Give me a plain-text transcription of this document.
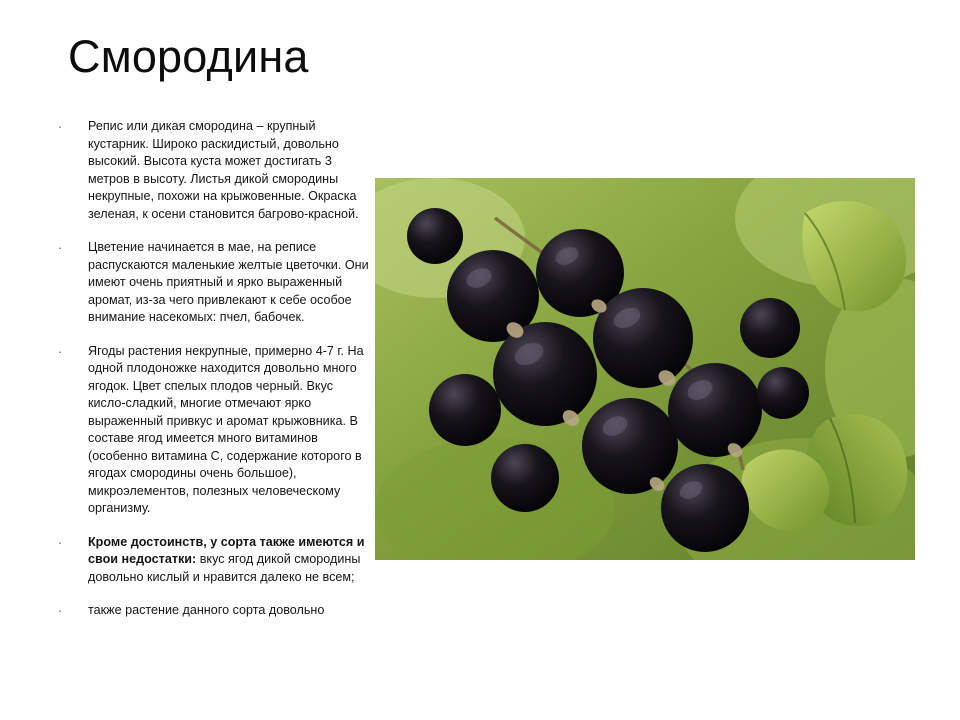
Смородина
· Репис или дикая смородина – крупный кустарник. Широко раскидистый, довольно высокий. Высота куста может достигать 3 метров в высоту. Листья дикой смородины некрупные, похожи на крыжовенные. Окраска зеленая, к осени становится багрово-красной.
· Цветение начинается в мае, на реписе распускаются маленькие желтые цветочки. Они имеют очень приятный и ярко выраженный аромат, из-за чего привлекают к себе особое внимание насекомых: пчел, бабочек.
· Ягоды растения некрупные, примерно 4-7 г. На одной плодоножке находится довольно много ягодок. Цвет спелых плодов черный. Вкус кисло-сладкий, многие отмечают ярко выраженный привкус и аромат крыжовника. В составе ягод имеется много витаминов (особенно витамина С, содержание которого в ягодах смородины очень большое), микроэлементов, полезных человеческому организму.
· Кроме достоинств, у сорта также имеются и свои недостатки: вкус ягод дикой смородины довольно кислый и нравится далеко не всем;
· также растение данного сорта довольно
